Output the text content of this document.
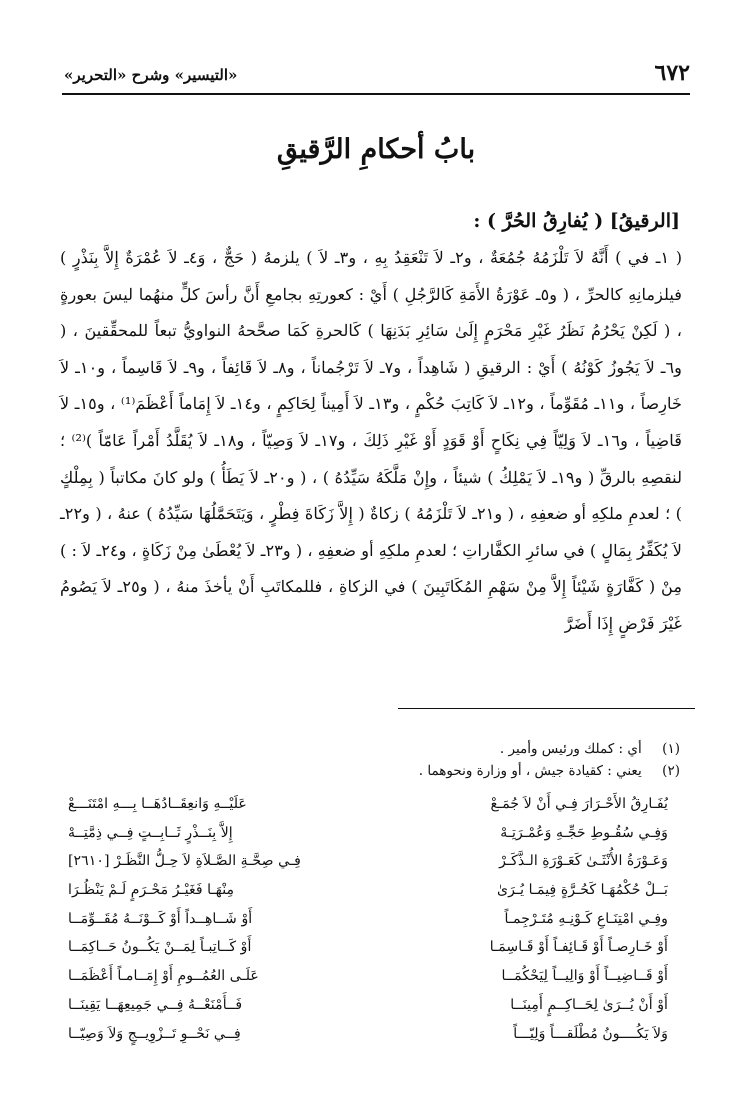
«التيسير» وشرح «التحرير»	٦٧٢
بابُ أحكامِ الرَّقيقِ
[الرقيقُ] ( يُفارِقُ الحُرَّ ) :

( ١ـ في ) أَنَّهُ لاَ تَلْزَمُهُ جُمُعَةٌ ، و٢ـ لاَ تَنْعَقِدُ بِهِ ، و٣ـ لاَ ) يلزمهُ ( حَجٌّ ، وَ٤ـ لاَ عُمْرَةٌ إِلاَّ بِنَذْرٍ ) فيلزمانِهِ كالحرِّ ، ( و٥ـ عَوْرَةُ الأَمَةِ كَالرَّجُلِ ) أَيْ : كعورتِهِ بجامعِ أَنَّ رأسَ كلٍّ منهُما ليسَ بعورةٍ ، ( لَكِنْ يَحْرُمُ نَظَرُ غَيْرِ مَحْرَمٍ إِلَىٰ سَائِرِ بَدَنِهَا ) كَالحرةِ كَمَا صحَّحهُ النواويُّ تبعاً للمحقِّقينَ ، ( و٦ـ لاَ يَجُوزُ كَوْنُهُ ) أَيْ : الرقيقِ ( شَاهِداً ، و٧ـ لاَ تَرْجُماناً ، و٨ـ لاَ قَائِفاً ، و٩ـ لاَ قَاسِماً ، و١٠ـ لاَ خَارِصاً ، و١١ـ مُقَوِّماً ، و١٢ـ لاَ كَاتِبَ حُكْمٍ ، و١٣ـ لاَ أَمِيناً لِحَاكِمٍ ، و١٤ـ لاَ إِمَاماً أَعْظَمَ⁽¹⁾ ، و١٥ـ لاَ قَاضِياً ، و١٦ـ لاَ وَلِيّاً فِي نِكَاحٍ أَوْ قَوَدٍ أَوْ غَيْرِ ذَلِكَ ، و١٧ـ لاَ وَصِيّاً ، و١٨ـ لاَ يُقَلَّدُ أَمْراً عَامّاً )⁽²⁾ ؛ لنقصِهِ بالرقِّ ( و١٩ـ لاَ يَمْلِكُ ) شيئاً ، وإِنْ مَلَّكَهُ سَيِّدُهُ ) ، ( و٢٠ـ لاَ يَطَأُ ) ولو كانَ مكاتباً ( بِمِلْكٍ ) ؛ لعدمِ ملكِهِ أو ضعفِهِ ، ( و٢١ـ لاَ تَلْزَمُهُ ) زكاةٌ ( إِلاَّ زَكَاةَ فِطْرٍ ، وَيَتَحَمَّلُهَا سَيِّدُهُ ) عنهُ ، ( و٢٢ـ لاَ يُكَفِّرُ بِمَالٍ ) في سائرِ الكفَّاراتِ ؛ لعدمِ ملكِهِ أو ضعفِهِ ، ( و٢٣ـ لاَ يُعْطَىٰ مِنْ زَكَاةٍ ، و٢٤ـ لاَ : ) مِنْ ( كَفَّارَةٍ شَيْئاً إِلاَّ مِنْ سَهْمِ المُكَاتَبِينَ ) في الزكاةِ ، فللمكاتَبِ أَنْ يأخذَ منهُ ، ( و٢٥ـ لاَ يَصُومُ غَيْرَ فَرْضٍ إِذَا أَضَرَّ

(١) أي : كملك ورئيس وأمير .
(٢) يعني : كقيادة جيش ، أو وزارة ونحوهما .
يُفَـارِقُ الأَحْـرَارَ فِـي أَنْ لاَ جُمَـعْ
عَلَيْــهِ وَانعِقَــادُهَــا بِـــهِ امْتَنَـــعْ
وَفِـي سُقُـوطِ حَجِّـهِ وَعُمْـرَتِـهْ
إِلاَّ بِنَــذْرٍ ثَــابِــتٍ فِــي ذِمَّتِــهْ
وَعَـوْرَةُ الأُنْثَـىٰ كَعَـوْرَةِ الـذَّكَـرْ
فِـي صِحَّـةِ الصَّـلاَةِ لاَ حِـلُّ النَّظَـرْ [٢٦١٠]
بَــلْ حُكْمُهَـا كَحُـرَّةٍ فِيمَـا يُـرَىٰ
مِنْهَـا فَغَيْـرُ مَحْـرَمٍ لَـمْ يَنْظُـرَا
وفِـي امْتِنَـاعِ كَـوْنِـهِ مُتَـرْجِمـاً
أَوْ شَــاهِــداً أَوْ كَــوْنَــهُ مُقَــوِّمَــا
أَوْ خَـارِصـاً أَوْ قَـائِفـاً أَوْ قَـاسِمَـا
أَوْ كَــاتِبـاً لِمَــنْ يَكُــونُ حَــاكِمَــا
أَوْ قَــاضِيــاً أَوْ وَالِيــاً لِيَحْكُمَــا
عَلَـى العُمُــومِ أَوْ إِمَــامـاً أَعْظَمَــا
أَوْ أَنْ يُــرَىٰ لِحَــاكِــمٍ أَمِينَــا
فَــأَمْنَعْــهُ فِــي جَمِيعِهَــا يَقِينَــا
وَلاَ يَكُــــونُ مُطْلَقـــاً وَلِيّـــاً
فِــي نَحْــوِ تَــزْوِيــجٍ وَلاَ وَصِيّــا
